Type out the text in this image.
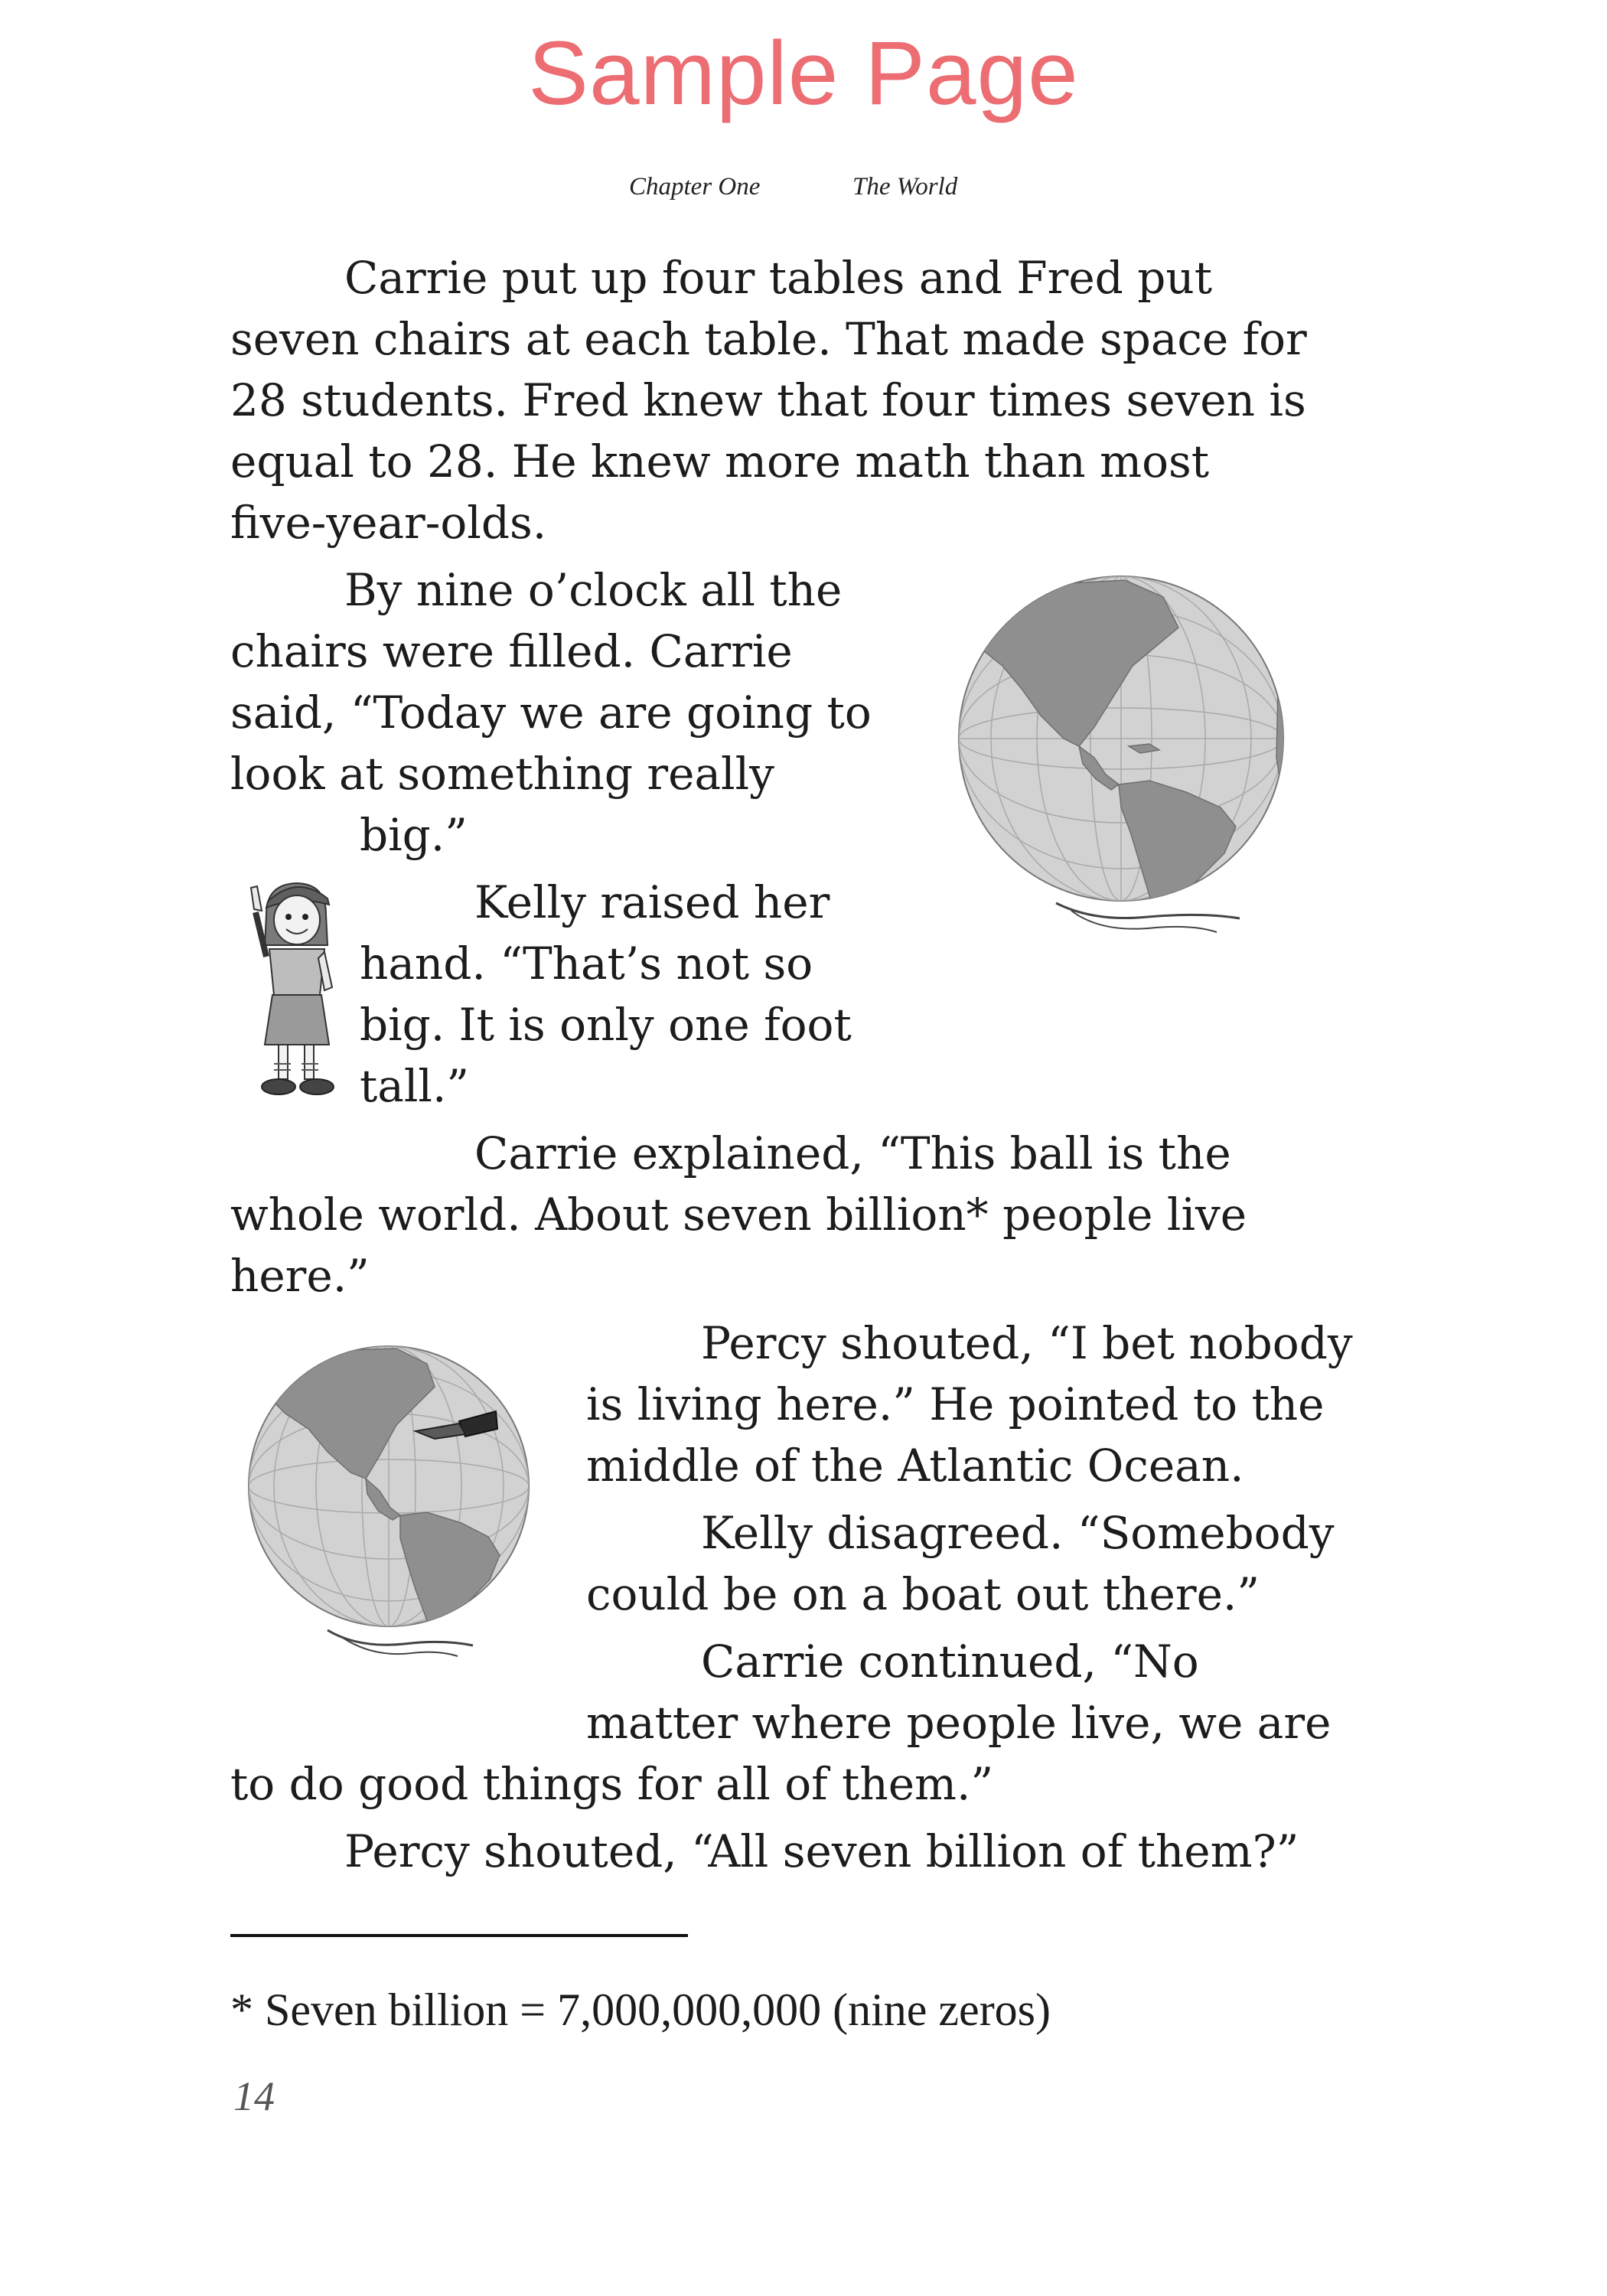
Sample Page
Chapter One	The World
Carrie put up four tables and Fred put
seven chairs at each table. That made space for
28 students. Fred knew that four times seven is
equal to 28. He knew more math than most
five-year-olds.
By nine o’clock all the
chairs were filled. Carrie
said, “Today we are going to
look at something really
big.”
Kelly raised her
hand. “That’s not so
big. It is only one foot
tall.”
Carrie explained, “This ball is the
whole world. About seven billion* people live
here.”
Percy shouted, “I bet nobody
is living here.” He pointed to the
middle of the Atlantic Ocean.
Kelly disagreed. “Somebody
could be on a boat out there.”
Carrie continued, “No
matter where people live, we are
to do good things for all of them.”
Percy shouted, “All seven billion of them?”
* Seven billion = 7,000,000,000 (nine zeros)
14
